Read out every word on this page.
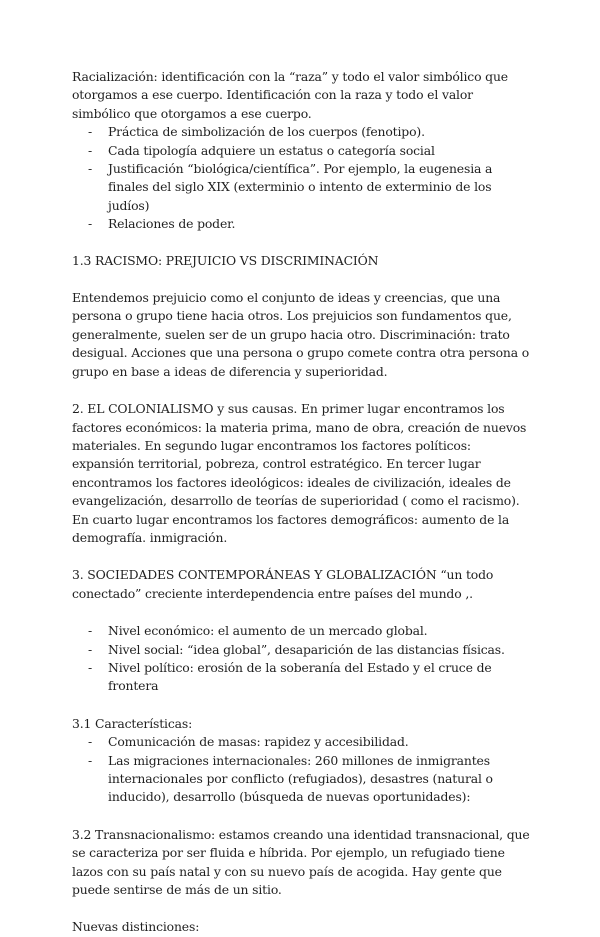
Racialización: identificación con la “raza” y todo el valor simbólico que otorgamos a ese cuerpo. Identificación con la raza y todo el valor simbólico que otorgamos a ese cuerpo.

- Práctica de simbolización de los cuerpos (fenotipo).
- Cada tipología adquiere un estatus o categoría social
- Justificación “biológica/científica”. Por ejemplo, la eugenesia a finales del siglo XIX (exterminio o intento de exterminio de los judíos)
- Relaciones de poder.

1.3 RACISMO: PREJUICIO VS DISCRIMINACIÓN

Entendemos prejuicio como el conjunto de ideas y creencias, que una persona o grupo tiene hacia otros. Los prejuicios son fundamentos que, generalmente, suelen ser de un grupo hacia otro. Discriminación: trato desigual. Acciones que una persona o grupo comete contra otra persona o grupo en base a ideas de diferencia y superioridad.

2. EL COLONIALISMO y sus causas. En primer lugar encontramos los factores económicos: la materia prima, mano de obra, creación de nuevos materiales. En segundo lugar encontramos los factores políticos: expansión territorial, pobreza, control estratégico. En tercer lugar encontramos los factores ideológicos: ideales de civilización, ideales de evangelización, desarrollo de teorías de superioridad ( como el racismo). En cuarto lugar encontramos los factores demográficos: aumento de la demografía. inmigración.

3. SOCIEDADES CONTEMPORÁNEAS Y GLOBALIZACIÓN “un todo conectado” creciente interdependencia entre países del mundo ,.

- Nivel económico: el aumento de un mercado global.
- Nivel social: “idea global”, desaparición de las distancias físicas.
- Nivel político: erosión de la soberanía del Estado y el cruce de frontera

3.1 Características:

- Comunicación de masas: rapidez y accesibilidad.
- Las migraciones internacionales: 260 millones de inmigrantes internacionales por conflicto (refugiados), desastres (natural o inducido), desarrollo (búsqueda de nuevas oportunidades):

3.2 Transnacionalismo: estamos creando una identidad transnacional, que se caracteriza por ser fluida e híbrida. Por ejemplo, un refugiado tiene lazos con su país natal y con su nuevo país de acogida. Hay gente que puede sentirse de más de un sitio.

Nuevas distinciones:
